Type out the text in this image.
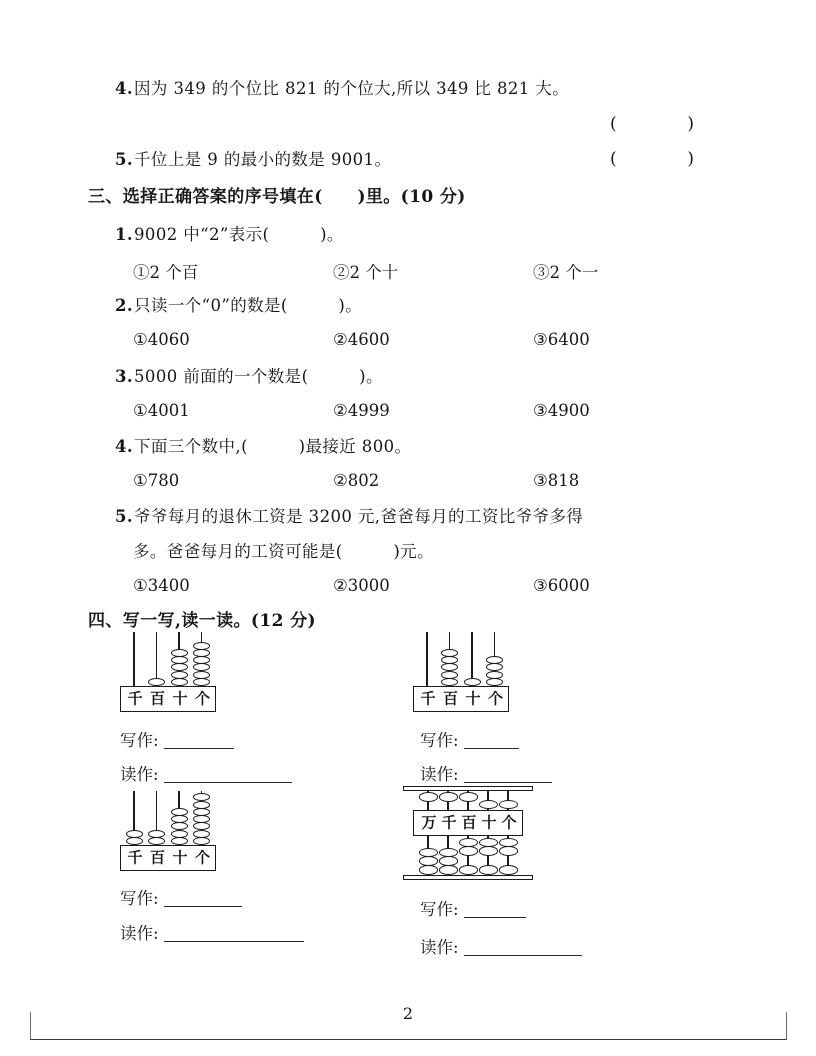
4.因为 349 的个位比 821 的个位大,所以 349 比 821 大。
(	)
5.千位上是 9 的最小的数是 9001。	(	)
三、选择正确答案的序号填在(　　)里。(10 分)
1.9002 中“2”表示(　　　)。
①2 个百	②2 个十	③2 个一
2.只读一个“0”的数是(　　　)。
①4060	②4600	③6400
3.5000 前面的一个数是(　　　)。
①4001	②4999	③4900
4.下面三个数中,(　　　)最接近 800。
①780	②802	③818
5.爷爷每月的退休工资是 3200 元,爸爸每月的工资比爷爷多得
多。爸爸每月的工资可能是(　　　)元。
①3400	②3000	③6000
四、写一写,读一读。(12 分)
千 百 十 个	千 百 十 个
千 百 十 个
万 千 百 十 个
写作:
读作:
写作:
读作:
写作:
读作:
写作:
读作:
2
